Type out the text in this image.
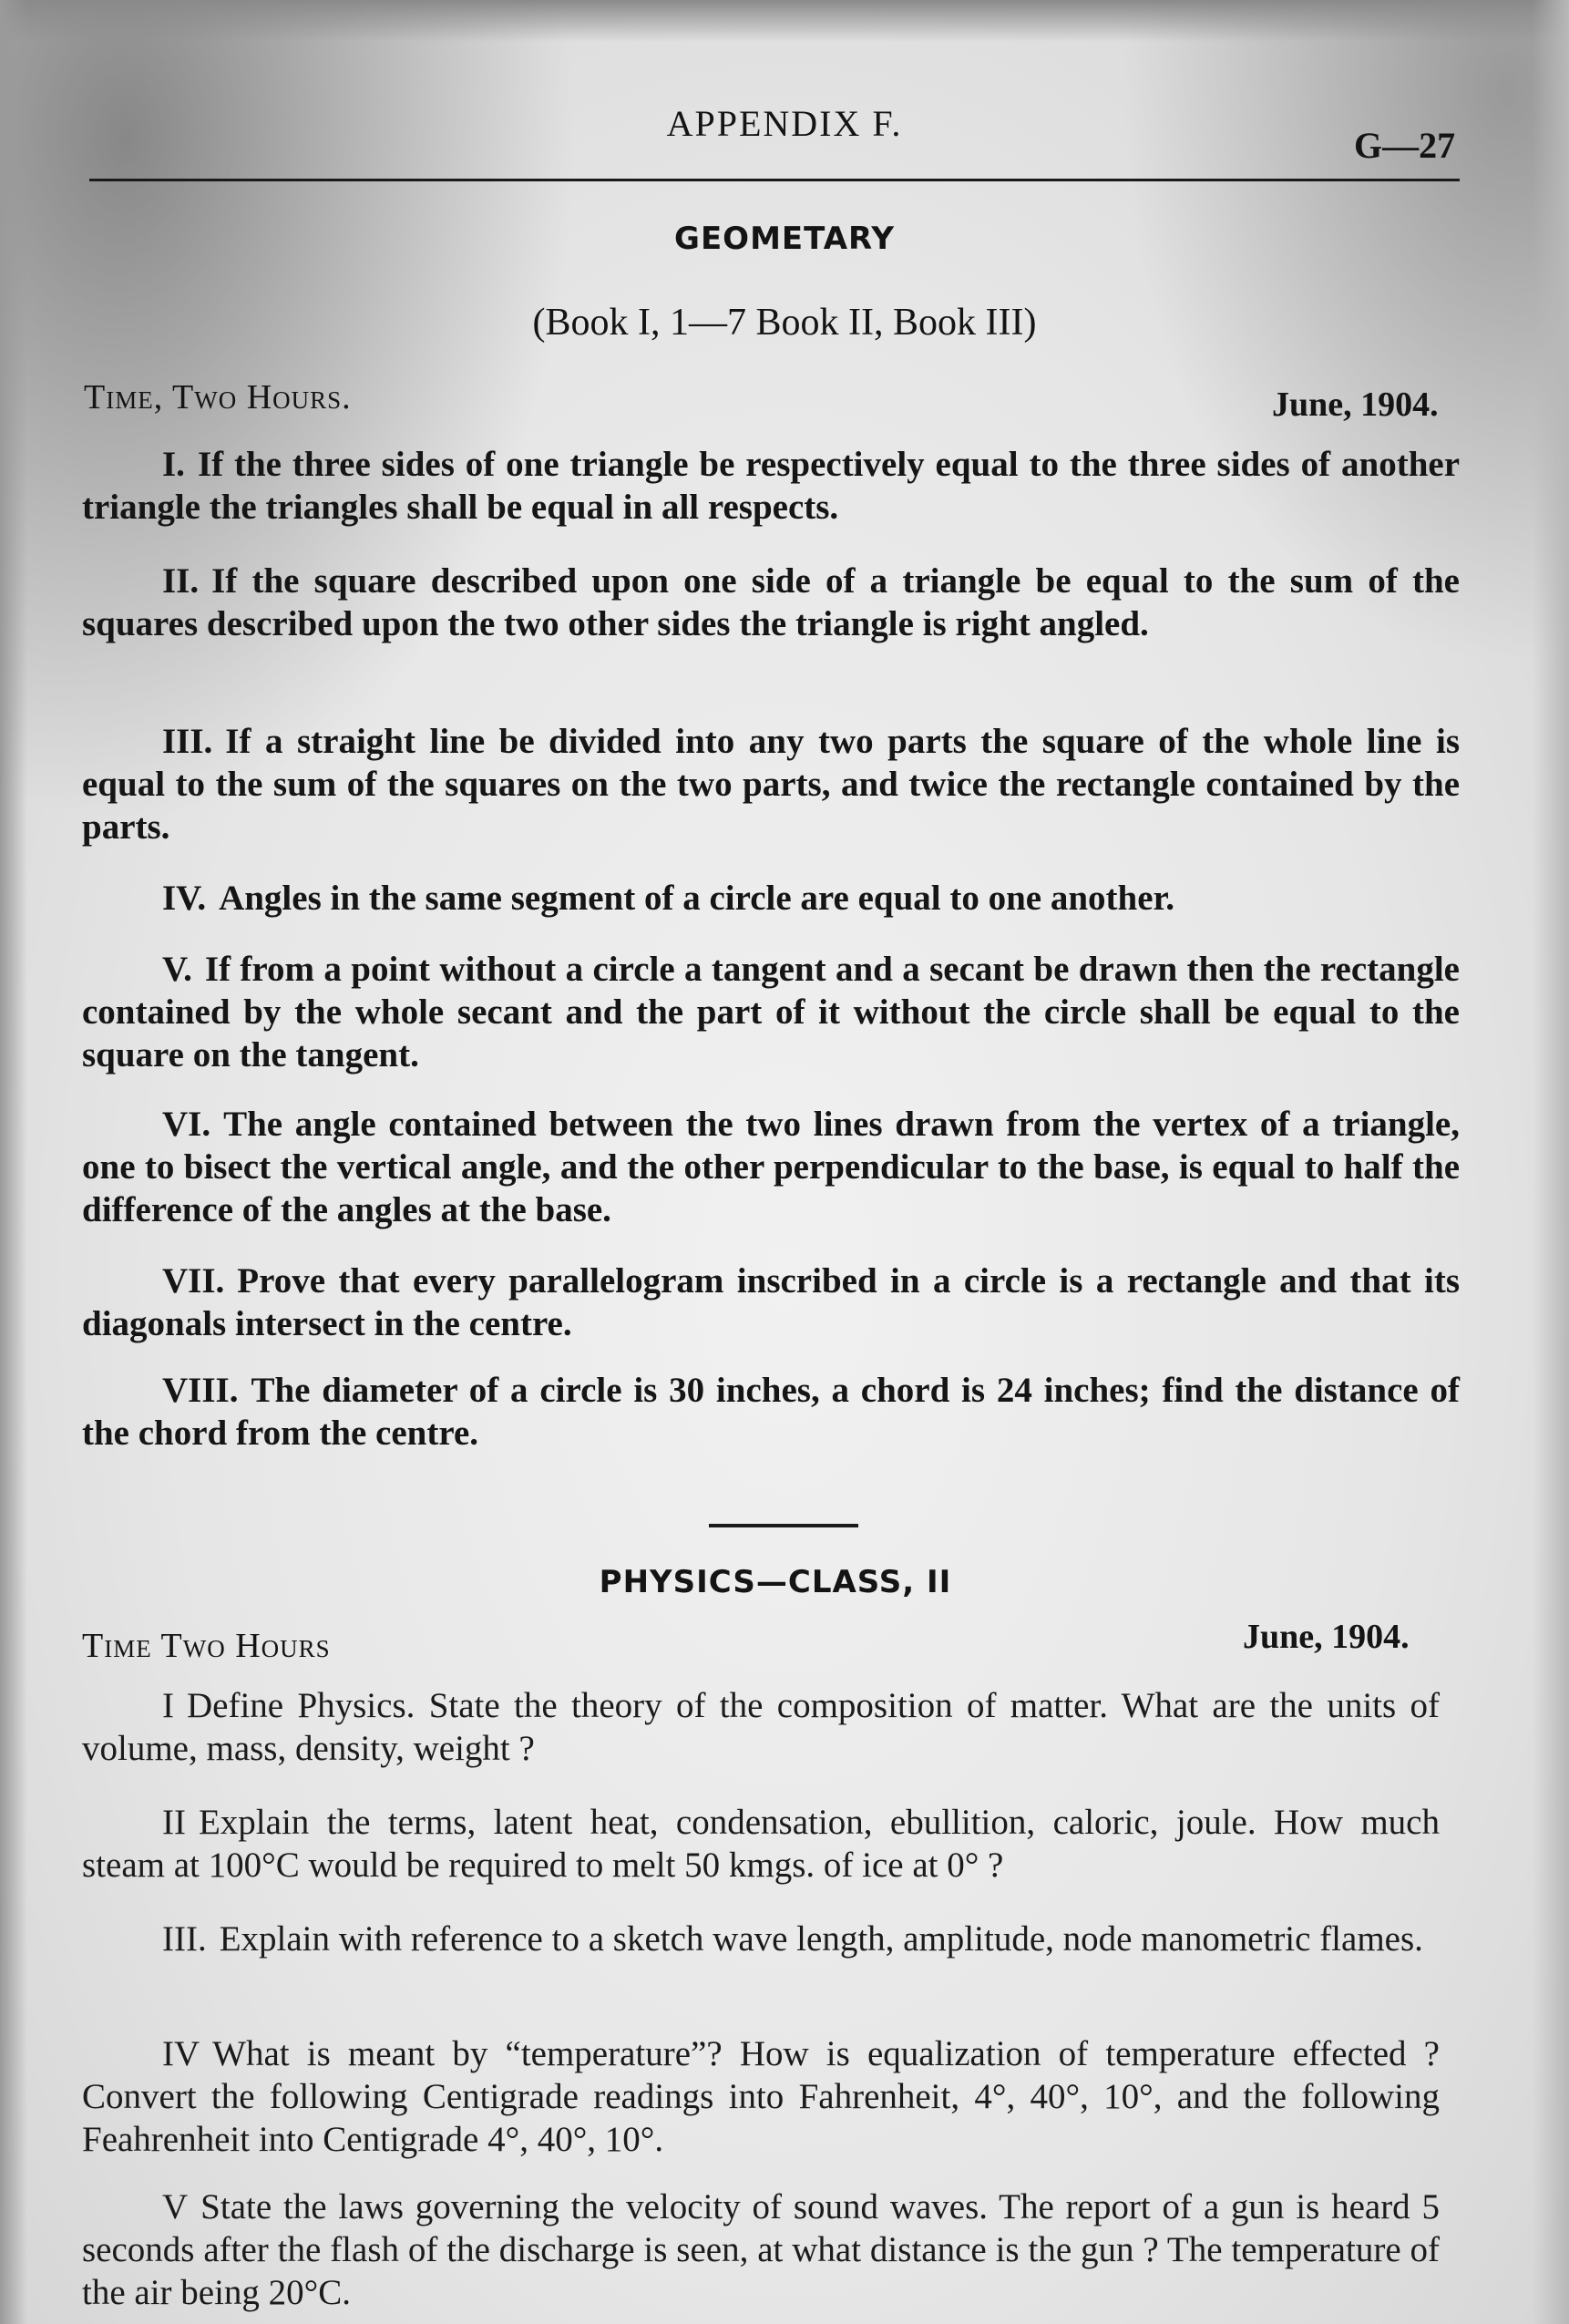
APPENDIX F.
G—27
GEOMETARY
(Book I, 1—7 Book II, Book III)
Time, Two Hours.	June, 1904.
I. If the three sides of one triangle be respectively equal to the three sides of another triangle the triangles shall be equal in all respects.
II. If the square described upon one side of a triangle be equal to the sum of the squares described upon the two other sides the triangle is right angled.
III. If a straight line be divided into any two parts the square of the whole line is equal to the sum of the squares on the two parts, and twice the rectangle contained by the parts.
IV. Angles in the same segment of a circle are equal to one another.
V. If from a point without a circle a tangent and a secant be drawn then the rectangle contained by the whole secant and the part of it without the circle shall be equal to the square on the tangent.
VI. The angle contained between the two lines drawn from the vertex of a triangle, one to bisect the vertical angle, and the other perpendicular to the base, is equal to half the difference of the angles at the base.
VII. Prove that every parallelogram inscribed in a circle is a rectangle and that its diagonals intersect in the centre.
VIII. The diameter of a circle is 30 inches, a chord is 24 inches; find the distance of the chord from the centre.
PHYSICS—CLASS, II
Time Two Hours	June, 1904.
I Define Physics. State the theory of the composition of matter. What are the units of volume, mass, density, weight ?
II Explain the terms, latent heat, condensation, ebullition, caloric, joule. How much steam at 100°C would be required to melt 50 kmgs. of ice at 0° ?
III. Explain with reference to a sketch wave length, amplitude, node manometric flames.
IV What is meant by “temperature”? How is equalization of temperature effected ? Convert the following Centigrade readings into Fahrenheit, 4°, 40°, 10°, and the following Feahrenheit into Centigrade 4°, 40°, 10°.
V State the laws governing the velocity of sound waves. The report of a gun is heard 5 seconds after the flash of the discharge is seen, at what distance is the gun ? The temperature of the air being 20°C.
